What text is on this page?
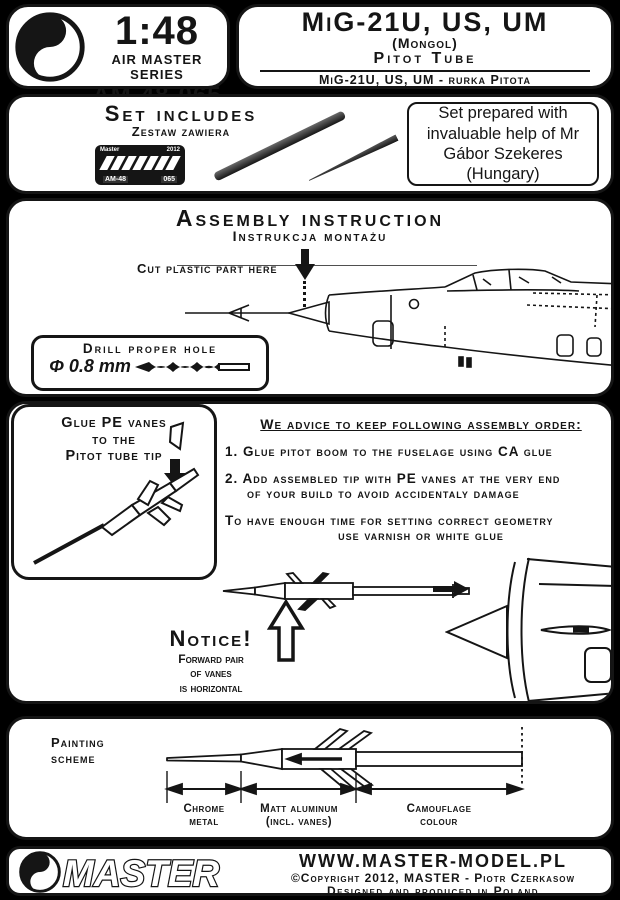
1:48
AIR MASTER SERIES
MiG-21U, US, UM
(Mongol)
Pitot Tube
MiG-21U, US, UM - rurka Pitota
Set includes
Zestaw zawiera
Master	2012
AM-48	065
Set prepared with invaluable help of Mr Gábor Szekeres (Hungary)
Assembly instruction
Instrukcja montażu
Cut plastic part here
Drill proper hole
Φ 0.8 mm
Glue PE vanes
to the
Pitot tube tip
We advice to keep following assembly order:
1. Glue pitot boom to the fuselage using CA glue
2. Add assembled tip with PE vanes at the very end
of your build to avoid accidentaly damage
To have enough time for setting correct geometry
use varnish or white glue
Notice!
Forward pair
of vanes
is horizontal
Painting
scheme
Chrome
metal
Matt aluminum
(incl. vanes)
Camouflage
colour
MASTER	WWW.MASTER-MODEL.PL
©Copyright 2012, MASTER - Piotr Czerkasow
Designed and produced in Poland
